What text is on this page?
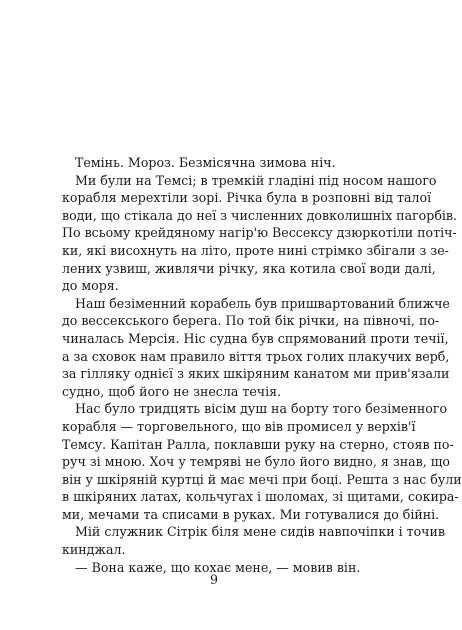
Темінь. Мороз. Безмісячна зимова ніч.
Ми були на Темсі; в тремкій гладіні під носом нашого
корабля мерехтіли зорі. Річка була в розповні від талої
води, що стікала до неї з численних довколишніх пагорбів.
По всьому крейдяному нагір'ю Вессексу дзюркотіли потіч-
ки, які висохнуть на літо, проте нині стрімко збігали з зе-
лених узвиш, живлячи річку, яка котила свої води далі,
до моря.
Наш безіменний корабель був пришвартований ближче
до вессекського берега. По той бік річки, на півночі, по-
чиналась Мерсія. Ніс судна був спрямований проти течії,
а за сховок нам правило віття трьох голих плакучих верб,
за гілляку однієї з яких шкіряним канатом ми прив'язали
судно, щоб його не знесла течія.
Нас було тридцять вісім душ на борту того безіменного
корабля — торговельного, що вів промисел у верхів'ї
Темсу. Капітан Ралла, поклавши руку на стерно, стояв по-
руч зі мною. Хоч у темряві не було його видно, я знав, що
він у шкіряній куртці й має мечі при боці. Решта з нас були
в шкіряних латах, кольчугах і шоломах, зі щитами, сокира-
ми, мечами та списами в руках. Ми готувалися до бійні.
Мій служник Сітрік біля мене сидів навпочіпки і точив
кинджал.
— Вона каже, що кохає мене, — мовив він.
9
